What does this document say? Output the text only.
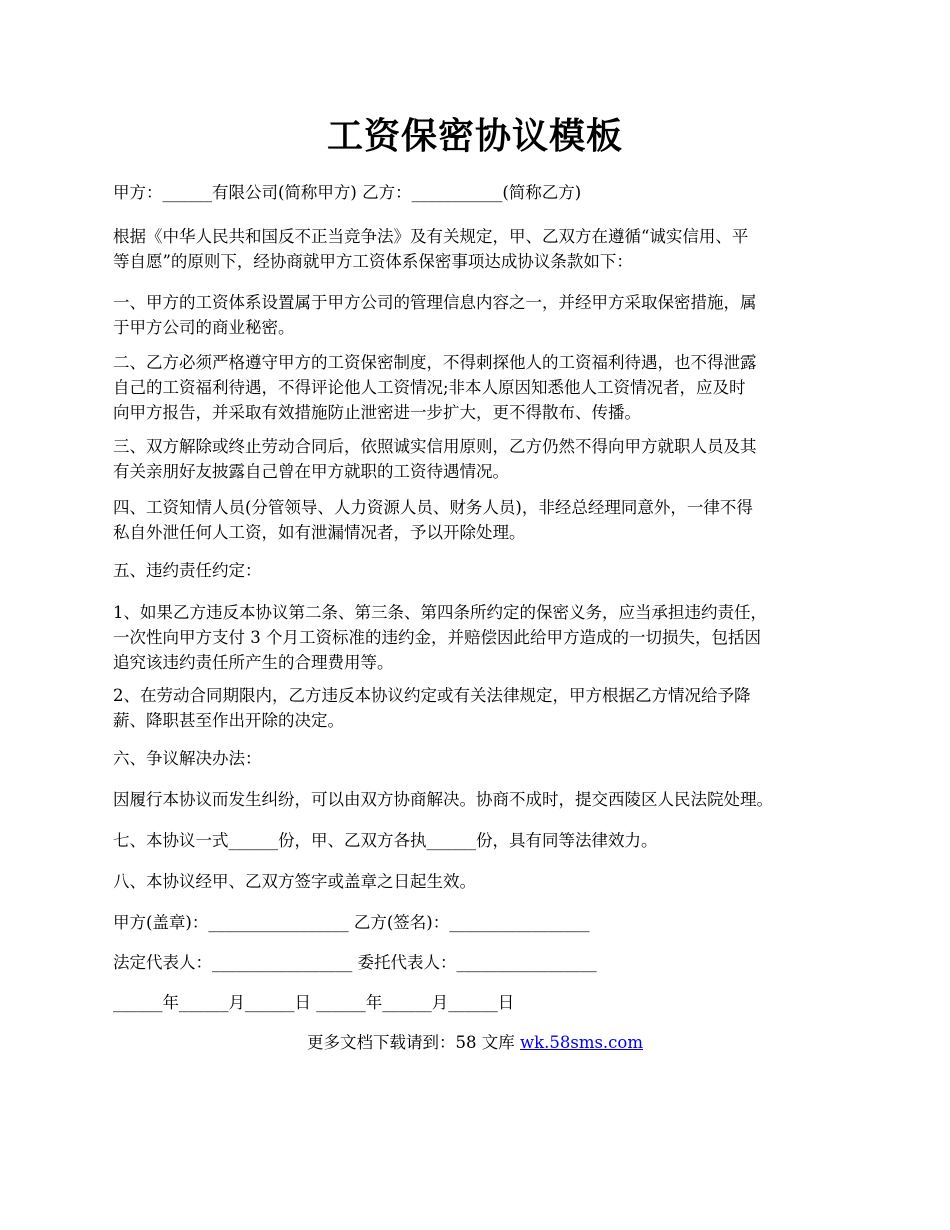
工资保密协议模板
甲方：______有限公司(简称甲方) 乙方：___________(简称乙方)
根据《中华人民共和国反不正当竞争法》及有关规定，甲、乙双方在遵循“诚实信用、平
等自愿”的原则下，经协商就甲方工资体系保密事项达成协议条款如下：
一、甲方的工资体系设置属于甲方公司的管理信息内容之一，并经甲方采取保密措施，属
于甲方公司的商业秘密。
二、乙方必须严格遵守甲方的工资保密制度，不得刺探他人的工资福利待遇，也不得泄露
自己的工资福利待遇，不得评论他人工资情况;非本人原因知悉他人工资情况者，应及时
向甲方报告，并采取有效措施防止泄密进一步扩大，更不得散布、传播。
三、双方解除或终止劳动合同后，依照诚实信用原则，乙方仍然不得向甲方就职人员及其
有关亲朋好友披露自己曾在甲方就职的工资待遇情况。
四、工资知情人员(分管领导、人力资源人员、财务人员)，非经总经理同意外，一律不得
私自外泄任何人工资，如有泄漏情况者，予以开除处理。
五、违约责任约定：
1、如果乙方违反本协议第二条、第三条、第四条所约定的保密义务，应当承担违约责任，
一次性向甲方支付 3 个月工资标准的违约金，并赔偿因此给甲方造成的一切损失，包括因
追究该违约责任所产生的合理费用等。
2、在劳动合同期限内，乙方违反本协议约定或有关法律规定，甲方根据乙方情况给予降
薪、降职甚至作出开除的决定。
六、争议解决办法：
因履行本协议而发生纠纷，可以由双方协商解决。协商不成时，提交西陵区人民法院处理。
七、本协议一式______份，甲、乙双方各执______份，具有同等法律效力。
八、本协议经甲、乙双方签字或盖章之日起生效。
甲方(盖章)：_________________ 乙方(签名)：_________________
法定代表人：_________________ 委托代表人：_________________
______年______月______日 ______年______月______日
更多文档下载请到：58 文库 wk.58sms.com
